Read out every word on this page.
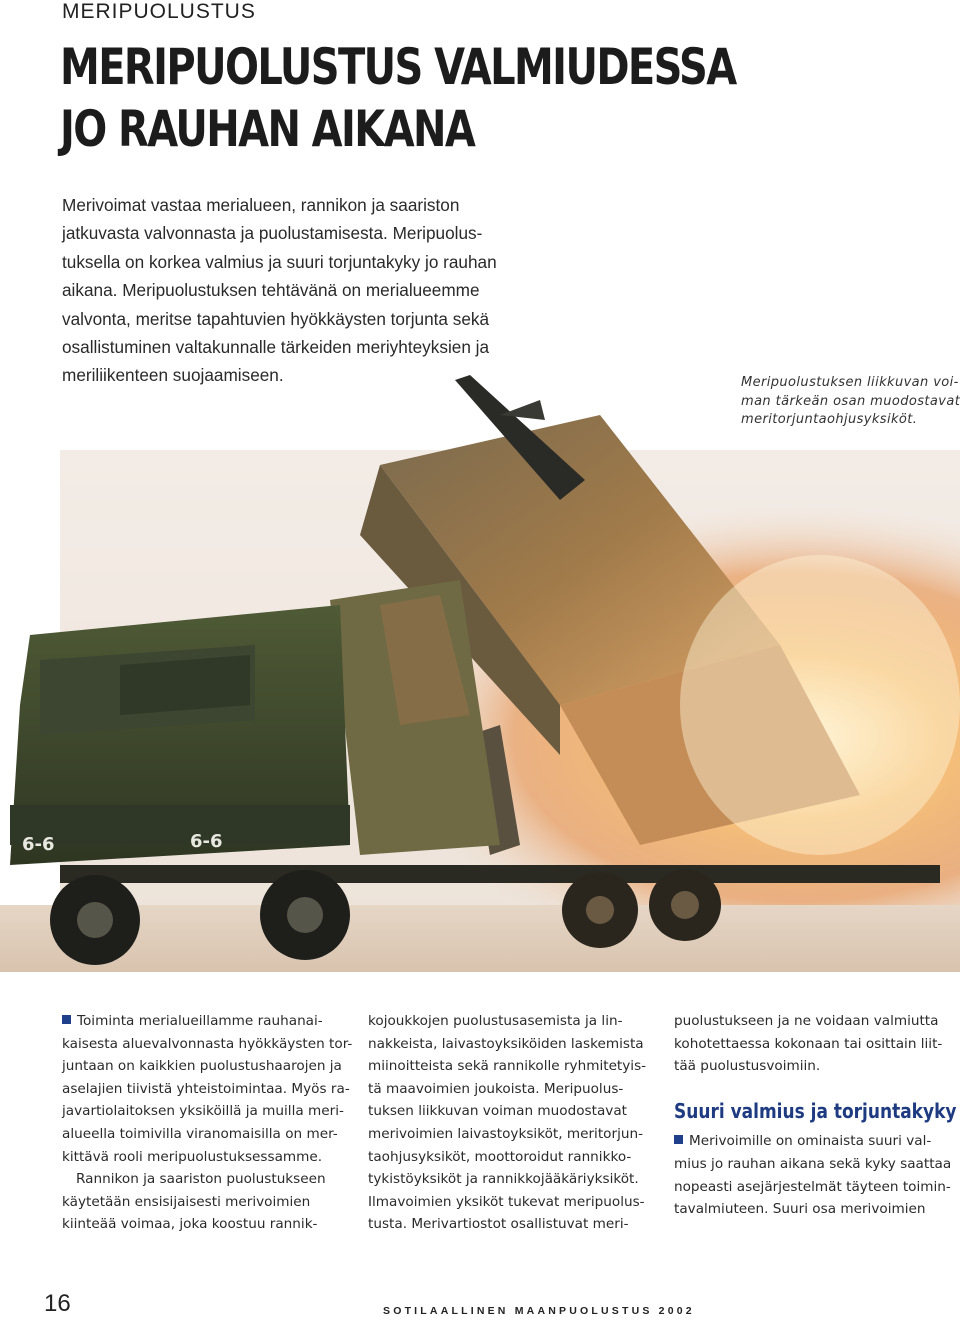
MERIPUOLUSTUS
MERIPUOLUSTUS VALMIUDESSA
JO RAUHAN AIKANA
Merivoimat vastaa merialueen, rannikon ja saariston
jatkuvasta valvonnasta ja puolustamisesta. Meripuolus-
tuksella on korkea valmius ja suuri torjuntakyky jo rauhan
aikana. Meripuolustuksen tehtävänä on merialueemme
valvonta, meritse tapahtuvien hyökkäysten torjunta sekä
osallistuminen valtakunnalle tärkeiden meriyhteyksien ja
meriliikenteen suojaamiseen.
6-6	6-6
Meripuolustuksen liikkuvan voi-
man tärkeän osan muodostavat
meritorjuntaohjusyksiköt.
Toiminta merialueillamme rauhanai-
kaisesta aluevalvonnasta hyökkäysten tor-
juntaan on kaikkien puolustushaarojen ja
aselajien tiivistä yhteistoimintaa. Myös ra-
javartiolaitoksen yksiköillä ja muilla meri-
alueella toimivilla viranomaisilla on mer-
kittävä rooli meripuolustuksessamme.
Rannikon ja saariston puolustukseen
käytetään ensisijaisesti merivoimien
kiinteää voimaa, joka koostuu rannik-
kojoukkojen puolustusasemista ja lin-
nakkeista, laivastoyksiköiden laskemista
miinoitteista sekä rannikolle ryhmitetyis-
tä maavoimien joukoista. Meripuolus-
tuksen liikkuvan voiman muodostavat
merivoimien laivastoyksiköt, meritorjun-
taohjusyksiköt, moottoroidut rannikko-
tykistöyksiköt ja rannikkojääkäriyksiköt.
Ilmavoimien yksiköt tukevat meripuolus-
tusta. Merivartiostot osallistuvat meri-
puolustukseen ja ne voidaan valmiutta
kohotettaessa kokonaan tai osittain liit-
tää puolustusvoimiin.
Suuri valmius ja torjuntakyky
Merivoimille on ominaista suuri val-
mius jo rauhan aikana sekä kyky saattaa
nopeasti asejärjestelmät täyteen toimin-
tavalmiuteen. Suuri osa merivoimien
16	SOTILAALLINEN MAANPUOLUSTUS 2002
